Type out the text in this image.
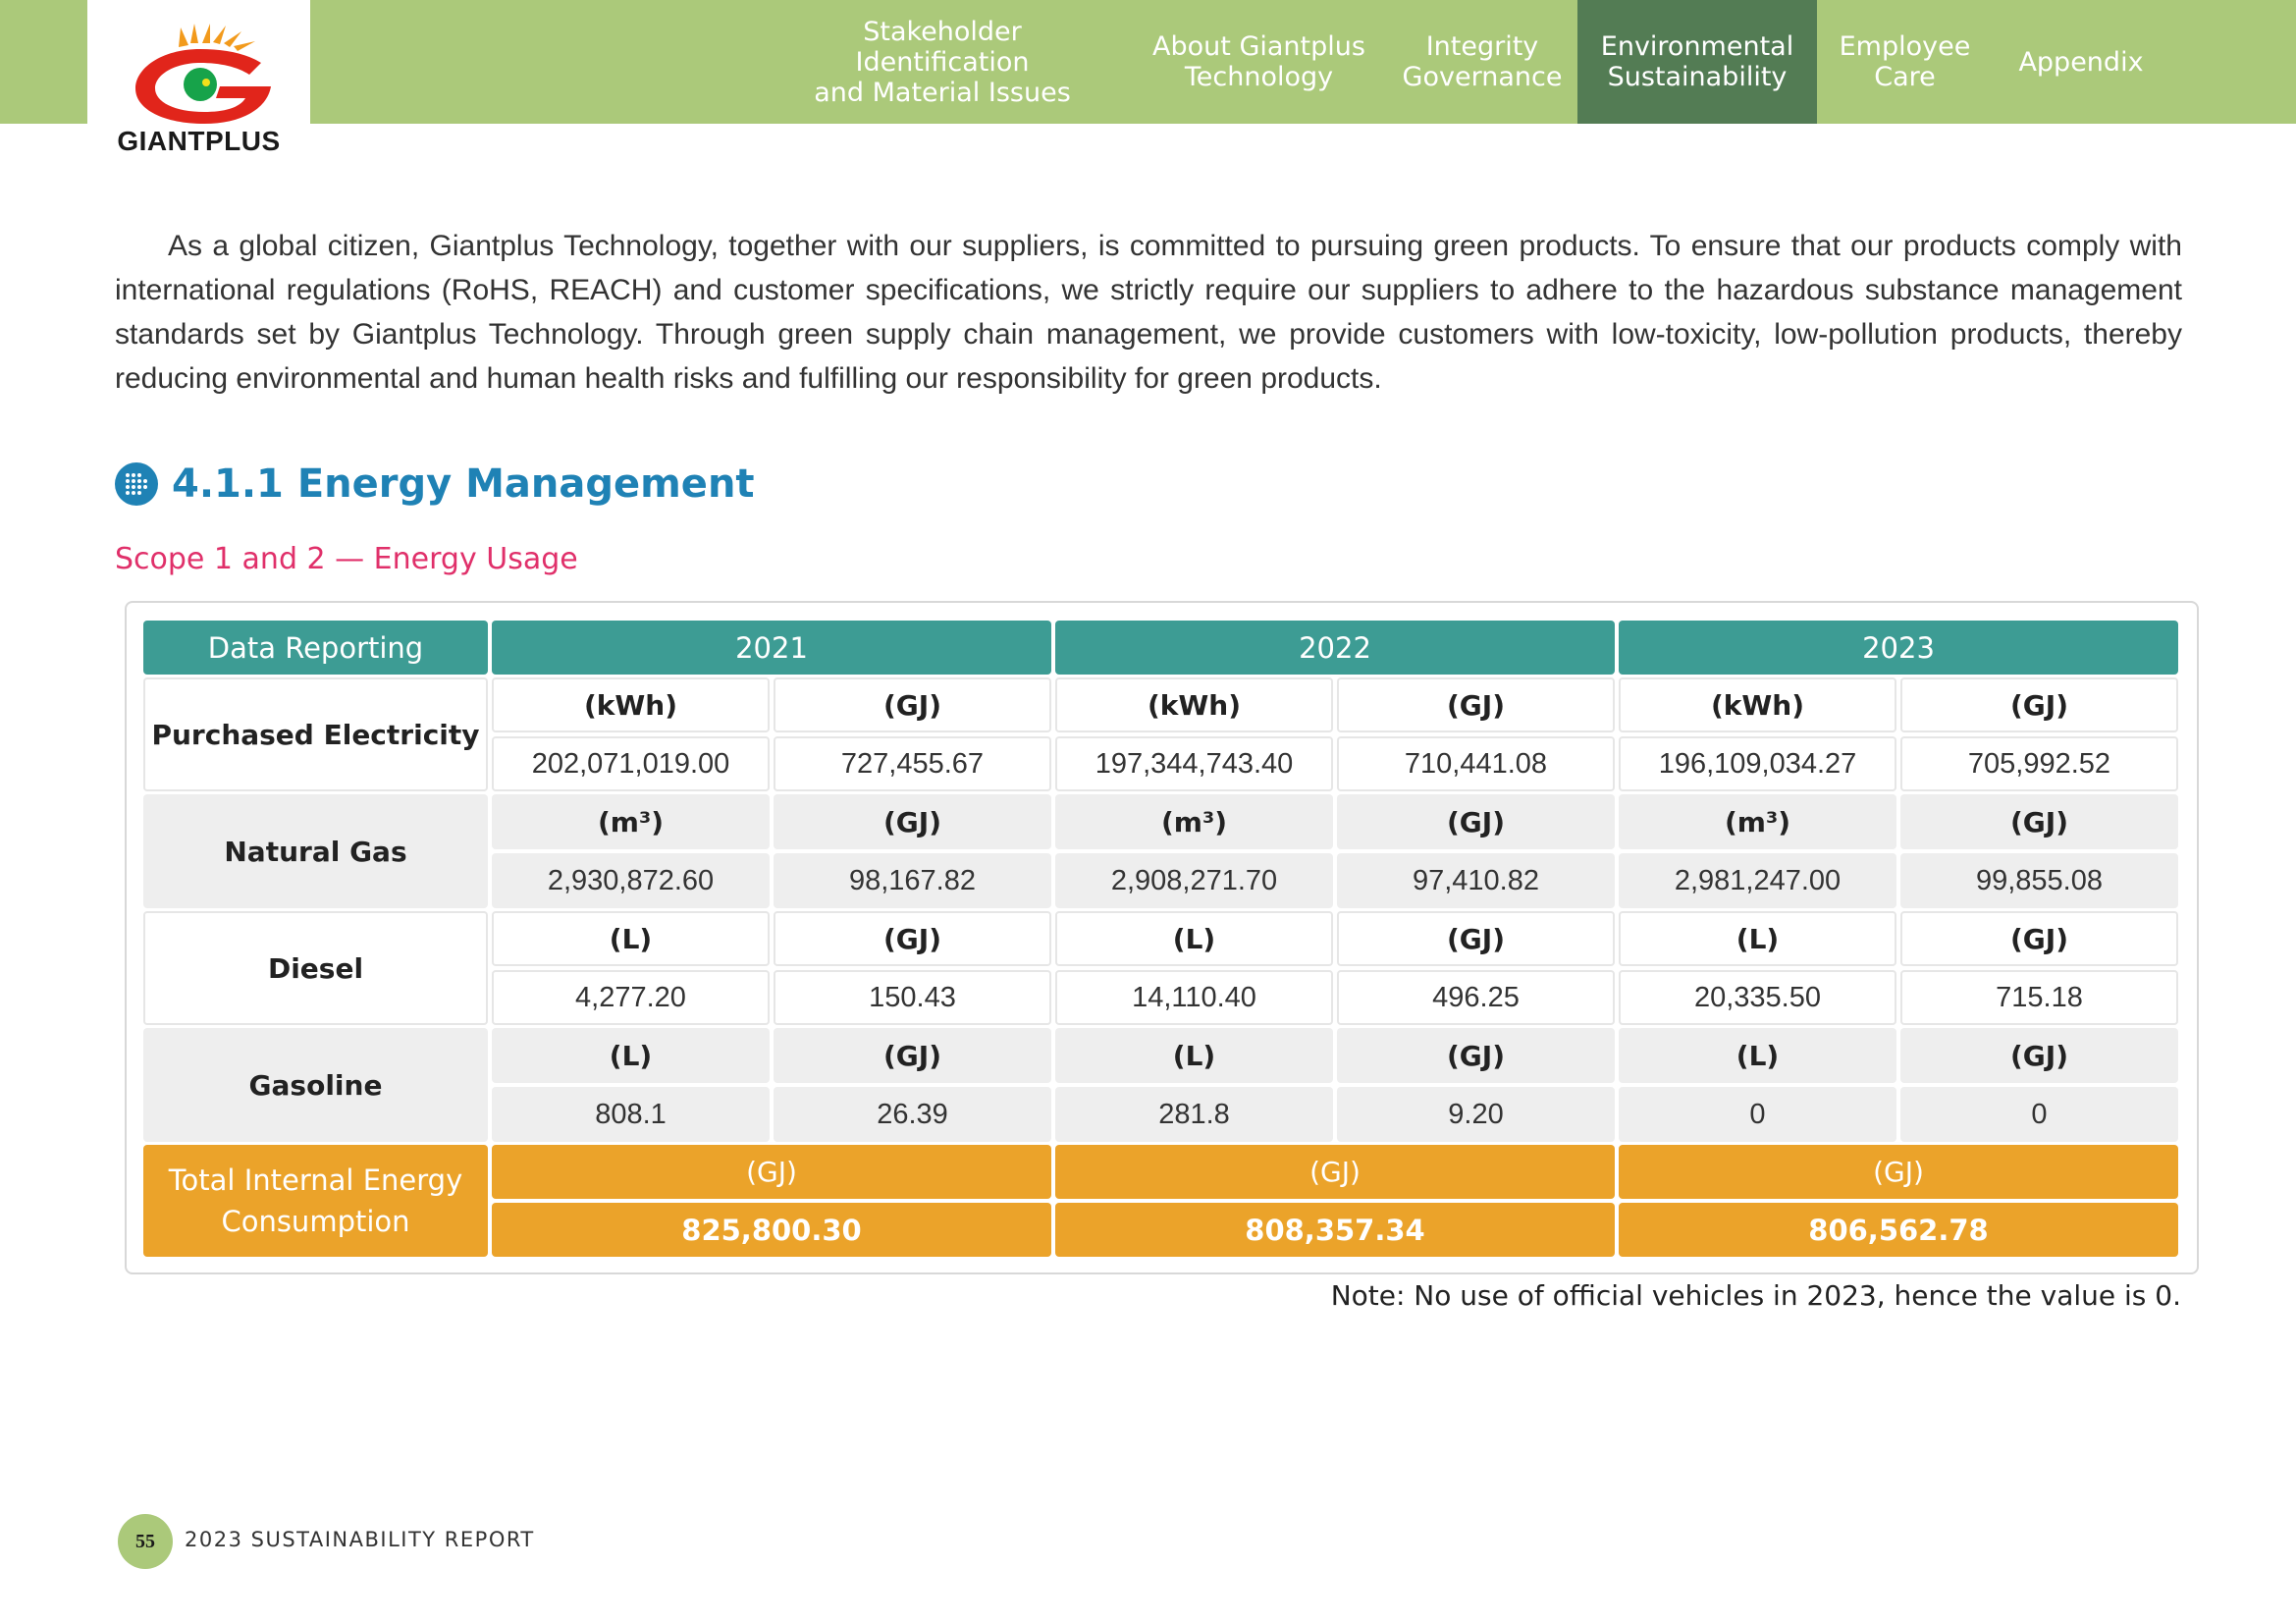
GIANTPLUS
Stakeholder Identification
and Material Issues
About Giantplus
Technology
Integrity
Governance
Environmental
Sustainability
Employee
Care	Appendix
As a global citizen, Giantplus Technology, together with our suppliers, is committed to pursuing green products. To ensure that our products comply with international regulations (RoHS, REACH) and customer specifications, we strictly require our suppliers to adhere to the hazardous substance management standards set by Giantplus Technology. Through green supply chain management, we provide customers with low-toxicity, low-pollution products, thereby reducing environmental and human health risks and fulfilling our responsibility for green products.
4.1.1 Energy Management
Scope 1 and 2 — Energy Usage
Data Reporting	2021	2022	2023
Purchased Electricity
(kWh)	(GJ)	(kWh)	(GJ)	(kWh)	(GJ)
202,071,019.00	727,455.67	197,344,743.40	710,441.08	196,109,034.27	705,992.52
Natural Gas
(m³)	(GJ)	(m³)	(GJ)	(m³)	(GJ)
2,930,872.60	98,167.82	2,908,271.70	97,410.82	2,981,247.00	99,855.08
Diesel
(L)	(GJ)	(L)	(GJ)	(L)	(GJ)
4,277.20	150.43	14,110.40	496.25	20,335.50	715.18
Gasoline
(L)	(GJ)	(L)	(GJ)	(L)	(GJ)
808.1	26.39	281.8	9.20	0	0
Total Internal Energy
Consumption
(GJ)	(GJ)	(GJ)
825,800.30	808,357.34	806,562.78
Note: No use of official vehicles in 2023, hence the value is 0.
55	2023 SUSTAINABILITY REPORT
